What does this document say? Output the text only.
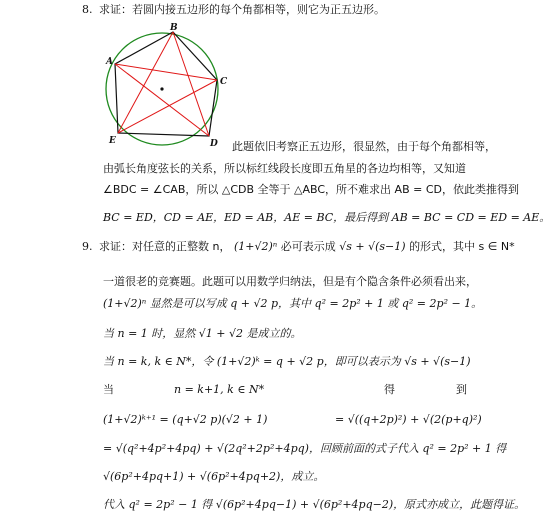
8. 求证：若圆内接五边形的每个角都相等，则它为正五边形。
A
B
C
D
E	此题依旧考察正五边形，很显然，由于每个角都相等，
由弧长角度弦长的关系，所以标红线段长度即五角星的各边均相等，又知道
∠BDC = ∠CAB，所以 △CDB 全等于 △ABC，所不难求出 AB = CD，依此类推得到
BC = ED，CD = AE，ED = AB，AE = BC，最后得到 AB = BC = CD = ED = AE。
9. 求证：对任意的正整数 n， (1+√2)ⁿ 必可表示成 √s + √(s−1) 的形式，其中 s ∈ N*
一道很老的竞赛题。此题可以用数学归纳法，但是有个隐含条件必须看出来，
(1+√2)ⁿ 显然是可以写成 q + √2 p，其中 q² = 2p² + 1 或 q² = 2p² − 1。
当 n = 1 时，显然 √1 + √2 是成立的。
当 n = k, k ∈ N*，令 (1+√2)ᵏ = q + √2 p，即可以表示为 √s + √(s−1)
当	n = k+1, k ∈ N*	得	到
(1+√2)ᵏ⁺¹ = (q+√2 p)(√2 + 1)	= √((q+2p)²) + √(2(p+q)²)
= √(q²+4p²+4pq) + √(2q²+2p²+4pq)，回顾前面的式子代入 q² = 2p² + 1 得
√(6p²+4pq+1) + √(6p²+4pq+2)，成立。
代入 q² = 2p² − 1 得 √(6p²+4pq−1) + √(6p²+4pq−2)，原式亦成立，此题得证。
